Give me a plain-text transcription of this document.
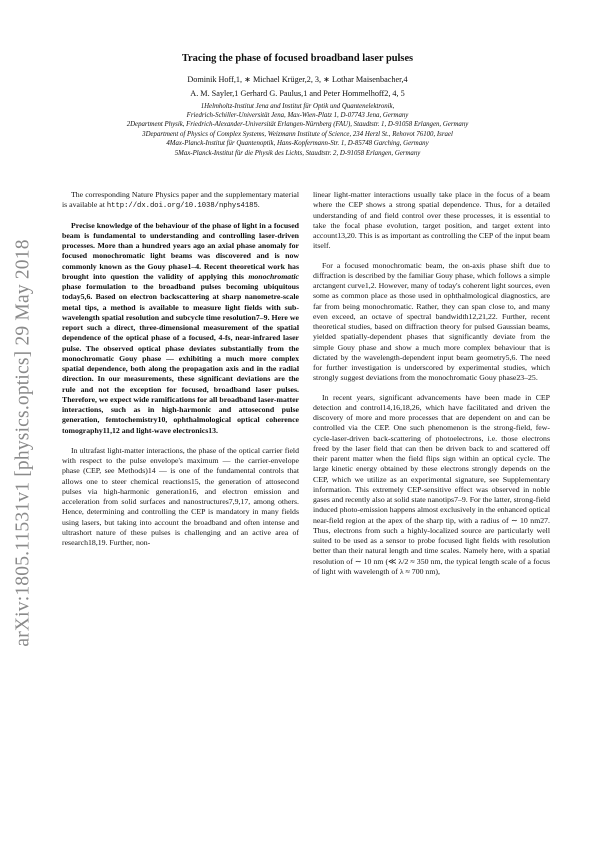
arXiv:1805.11531v1 [physics.optics] 29 May 2018
Tracing the phase of focused broadband laser pulses
Dominik Hoff,1, ∗ Michael Krüger,2, 3, ∗ Lothar Maisenbacher,4
A. M. Sayler,1 Gerhard G. Paulus,1 and Peter Hommelhoff2, 4, 5
1Helmholtz-Institut Jena and Institut für Optik und Quantenelektronik,
Friedrich-Schiller-Universität Jena, Max-Wien-Platz 1, D-07743 Jena, Germany
2Department Physik, Friedrich-Alexander-Universität Erlangen-Nürnberg (FAU), Staudtstr. 1, D-91058 Erlangen, Germany
3Department of Physics of Complex Systems, Weizmann Institute of Science, 234 Herzl St., Rehovot 76100, Israel
4Max-Planck-Institut für Quantenoptik, Hans-Kopfermann-Str. 1, D-85748 Garching, Germany
5Max-Planck-Institut für die Physik des Lichts, Staudtstr. 2, D-91058 Erlangen, Germany

The corresponding Nature Physics paper and the supplementary material is available at http://dx.doi.org/10.1038/nphys4185.

Precise knowledge of the behaviour of the phase of light in a focused beam is fundamental to understanding and controlling laser-driven processes. More than a hundred years ago an axial phase anomaly for focused monochromatic light beams was discovered and is now commonly known as the Gouy phase1–4. Recent theoretical work has brought into question the validity of applying this monochromatic phase formulation to the broadband pulses becoming ubiquitous today5,6. Based on electron backscattering at sharp nanometre-scale metal tips, a method is available to measure light fields with sub-wavelength spatial resolution and subcycle time resolution7–9. Here we report such a direct, three-dimensional measurement of the spatial dependence of the optical phase of a focused, 4-fs, near-infrared laser pulse. The observed optical phase deviates substantially from the monochromatic Gouy phase — exhibiting a much more complex spatial dependence, both along the propagation axis and in the radial direction. In our measurements, these significant deviations are the rule and not the exception for focused, broadband laser pulses. Therefore, we expect wide ramifications for all broadband laser-matter interactions, such as in high-harmonic and attosecond pulse generation, femtochemistry10, ophthalmological optical coherence tomography11,12 and light-wave electronics13.

In ultrafast light-matter interactions, the phase of the optical carrier field with respect to the pulse envelope's maximum — the carrier-envelope phase (CEP, see Methods)14 — is one of the fundamental controls that allows one to steer chemical reactions15, the generation of attosecond pulses via high-harmonic generation16, and electron emission and acceleration from solid surfaces and nanostructures7,9,17, among others. Hence, determining and controlling the CEP is mandatory in many fields using lasers, but taking into account the broadband and often intense and ultrashort nature of these pulses is challenging and an active area of research18,19. Further, non-

linear light-matter interactions usually take place in the focus of a beam where the CEP shows a strong spatial dependence. Thus, for a detailed understanding of and field control over these processes, it is essential to take the focal phase evolution, target position, and target extent into account13,20. This is as important as controlling the CEP of the input beam itself.

For a focused monochromatic beam, the on-axis phase shift due to diffraction is described by the familiar Gouy phase, which follows a simple arctangent curve1,2. However, many of today's coherent light sources, even some as common place as those used in ophthalmological diagnostics, are far from being monochromatic. Rather, they can span close to, and many even exceed, an octave of spectral bandwidth12,21,22. Further, recent theoretical studies, based on diffraction theory for pulsed Gaussian beams, yielded spatially-dependent phases that significantly deviate from the simple Gouy phase and show a much more complex behaviour that is dictated by the wavelength-dependent input beam geometry5,6. The need for further investigation is underscored by experimental studies, which strongly suggest deviations from the monochromatic Gouy phase23–25.

In recent years, significant advancements have been made in CEP detection and control14,16,18,26, which have facilitated and driven the discovery of more and more processes that are dependent on and can be controlled via the CEP. One such phenomenon is the strong-field, few-cycle-laser-driven back-scattering of photoelectrons, i.e. those electrons freed by the laser field that can then be driven back to and scattered off their parent matter when the field flips sign within an optical cycle. The large kinetic energy obtained by these electrons strongly depends on the CEP, which we utilize as an experimental signature, see Supplementary information. This extremely CEP-sensitive effect was observed in noble gases and recently also at solid state nanotips7–9. For the latter, strong-field induced photo-emission happens almost exclusively in the enhanced optical near-field region at the apex of the sharp tip, with a radius of ∼ 10 nm27. Thus, electrons from such a highly-localized source are particularly well suited to be used as a sensor to probe focused light fields with resolution better than their natural length and time scales. Namely here, with a spatial resolution of ∼ 10 nm (≪ λ/2 ≈ 350 nm, the typical length scale of a focus of light with wavelength of λ ≈ 700 nm),
